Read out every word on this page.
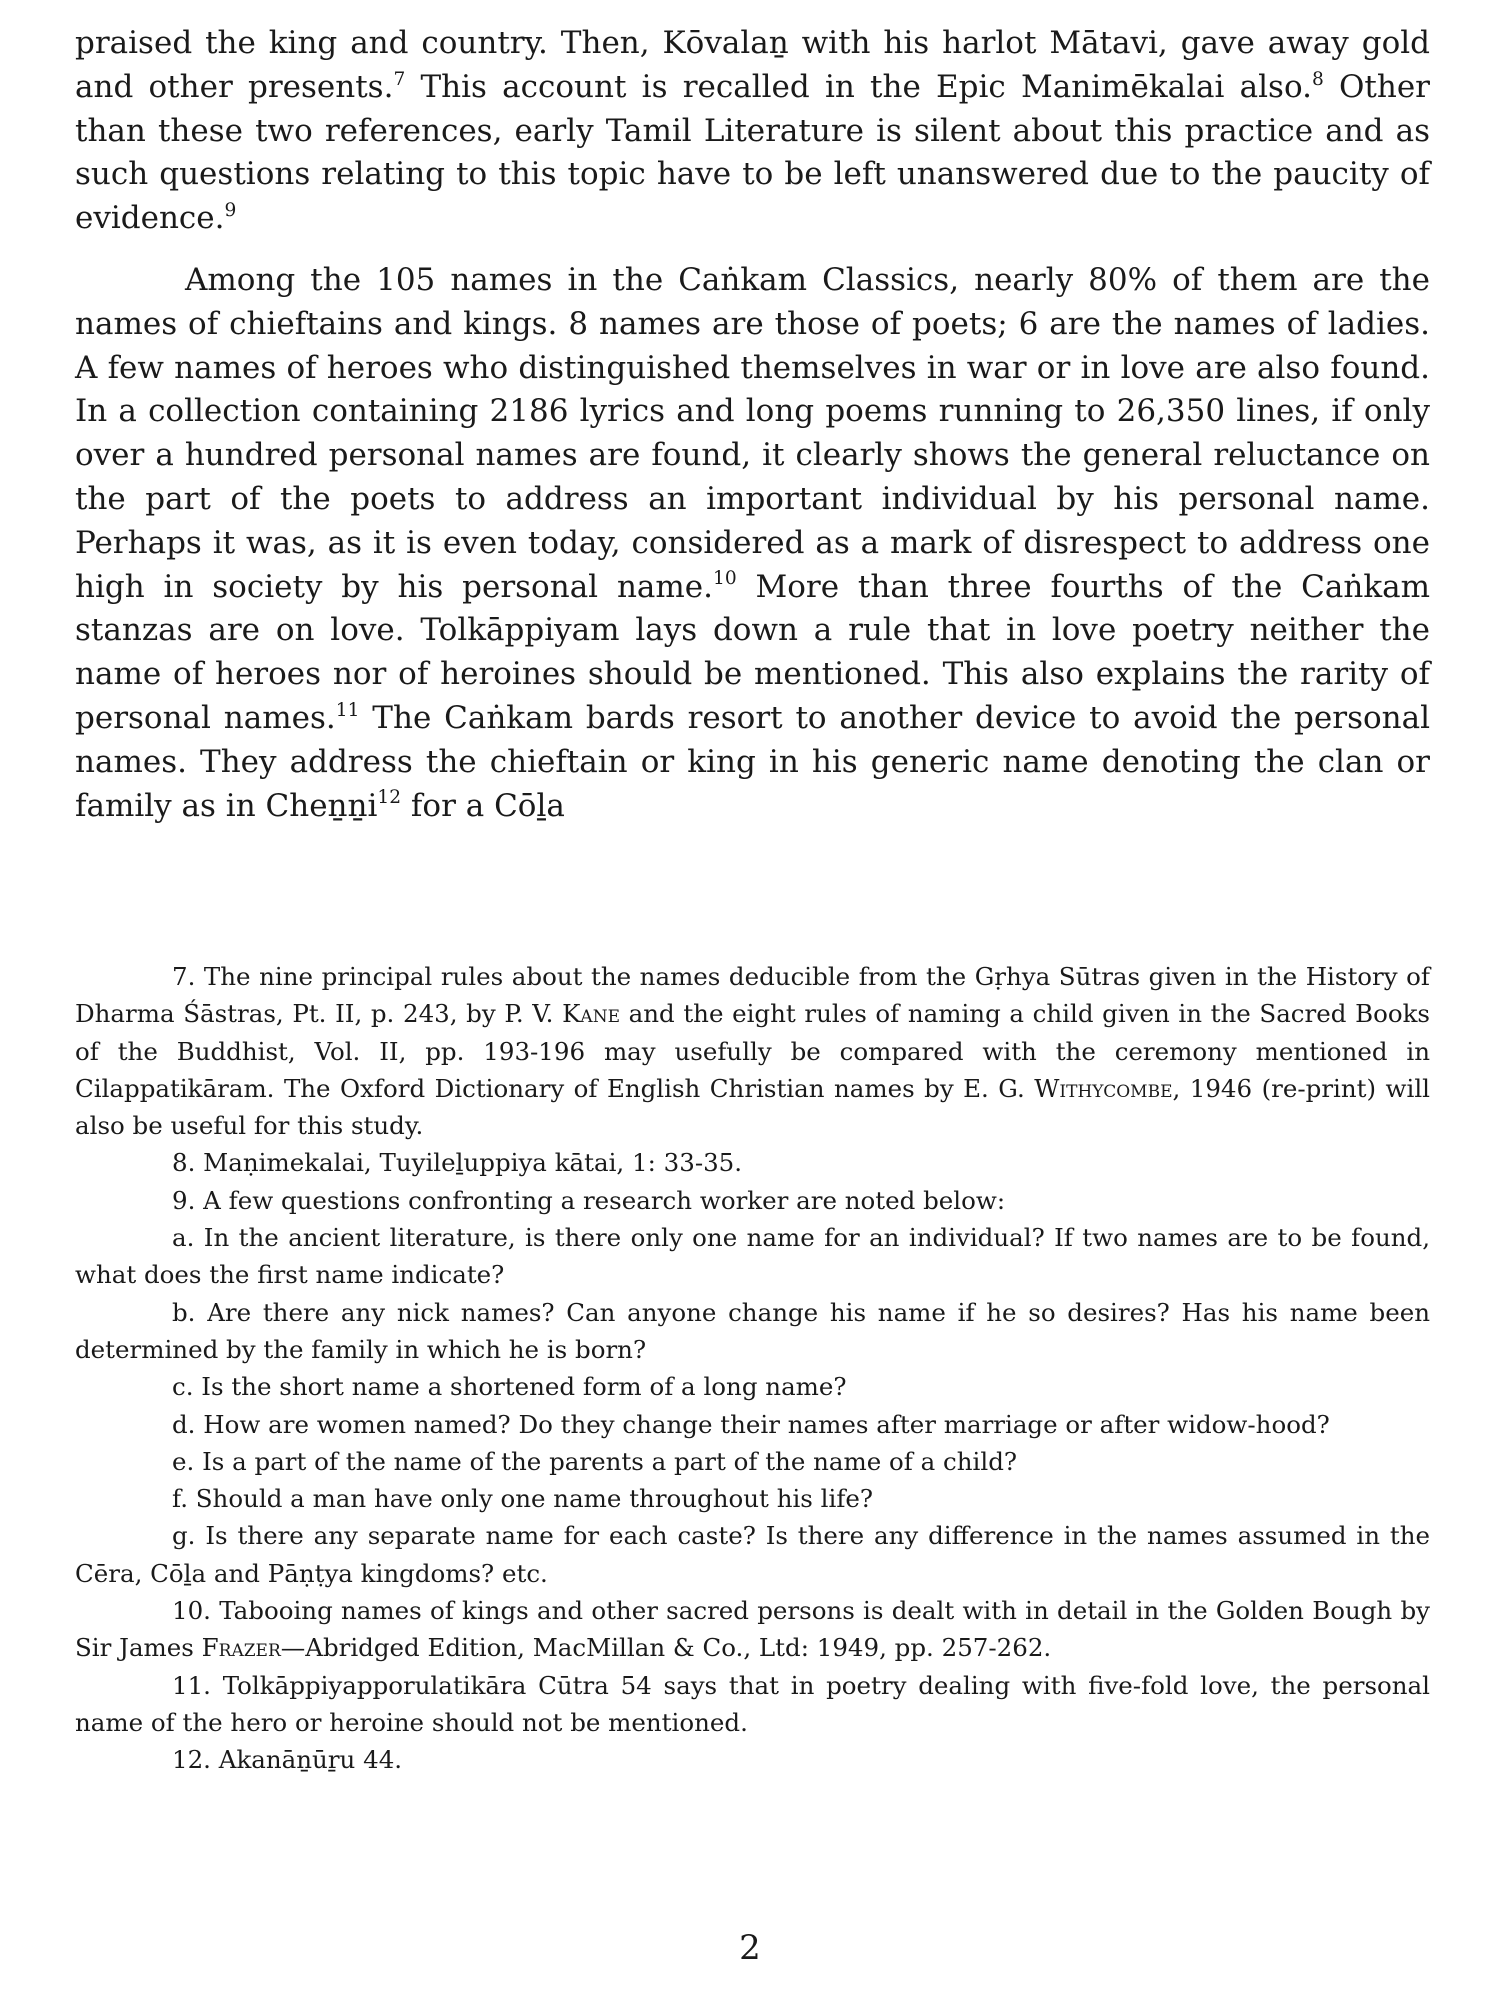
praised the king and country. Then, Kōvalaṉ with his harlot Mātavi, gave away gold and other presents.$^7$ This account is recalled in the Epic Manimēkalai also.$^8$ Other than these two references, early Tamil Literature is silent about this practice and as such questions relating to this topic have to be left unanswered due to the paucity of evidence.$^9$

Among the 105 names in the Caṅkam Classics, nearly 80% of them are the names of chieftains and kings. 8 names are those of poets; 6 are the names of ladies. A few names of heroes who distinguished themselves in war or in love are also found. In a collection containing 2186 lyrics and long poems running to 26,350 lines, if only over a hundred personal names are found, it clearly shows the general reluctance on the part of the poets to address an important individual by his personal name. Perhaps it was, as it is even today, considered as a mark of disrespect to address one high in society by his personal name.$^{10}$ More than three fourths of the Caṅkam stanzas are on love. Tolkāppiyam lays down a rule that in love poetry neither the name of heroes nor of heroines should be mentioned. This also explains the rarity of personal names.$^{11}$ The Caṅkam bards resort to another device to avoid the personal names. They address the chieftain or king in his generic name denoting the clan or family as in Cheṉṉi$^{12}$ for a Cōḻa

7. The nine principal rules about the names deducible from the Gṛhya Sūtras given in the History of Dharma Śāstras, Pt. II, p. 243, by P. V. Kane and the eight rules of naming a child given in the Sacred Books of the Buddhist, Vol. II, pp. 193-196 may usefully be compared with the ceremony mentioned in Cilappatikāram. The Oxford Dictionary of English Christian names by E. G. Withycombe, 1946 (re-print) will also be useful for this study.

8. Maṇimekalai, Tuyileḻuppiya kātai, 1: 33-35.

9. A few questions confronting a research worker are noted below:

a. In the ancient literature, is there only one name for an individual? If two names are to be found, what does the first name indicate?

b. Are there any nick names? Can anyone change his name if he so desires? Has his name been determined by the family in which he is born?

c. Is the short name a shortened form of a long name?

d. How are women named? Do they change their names after marriage or after widow-hood?

e. Is a part of the name of the parents a part of the name of a child?

f. Should a man have only one name throughout his life?

g. Is there any separate name for each caste? Is there any difference in the names assumed in the Cēra, Cōḻa and Pāṇṭya kingdoms? etc.

10. Tabooing names of kings and other sacred persons is dealt with in detail in the Golden Bough by Sir James Frazer—Abridged Edition, MacMillan & Co., Ltd: 1949, pp. 257-262.

11. Tolkāppiyapporulatikāra Cūtra 54 says that in poetry dealing with five-fold love, the personal name of the hero or heroine should not be mentioned.

12. Akanāṉūṟu 44.

2
